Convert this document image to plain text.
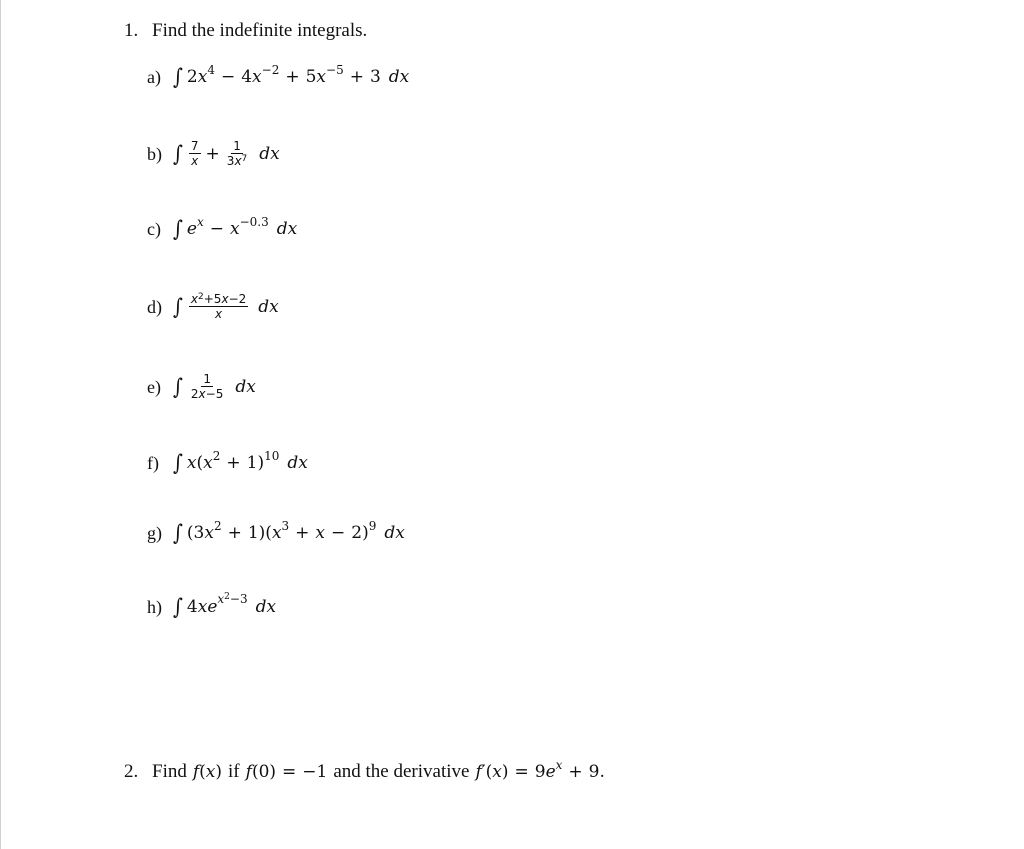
1. Find the indefinite integrals.
a) ∫ 2 $x^4 - 4$ $x^{-2} + 5$ $x^{-5} + 3$ dx
b) ∫ $\frac{7}{x} + \frac{1}{3x^7}$ dx
c) ∫ $e^x - x^{-0.3}$ dx
d) ∫ $\frac{x^2+5x-2}{x}$ dx
e) ∫ $\frac{1}{2x-5}$ dx
f) ∫ x ( $x^2 + 1)^{10}$ dx
g) ∫ (3 $x^2 + 1$)( $x^3 + x - 2)^9$ dx
h) ∫ 4 x e $^{x^2-3}$ dx
2. Find f ( x ) if f (0) = −1 and the derivative f ′( x ) = 9 $e^x + 9$.
